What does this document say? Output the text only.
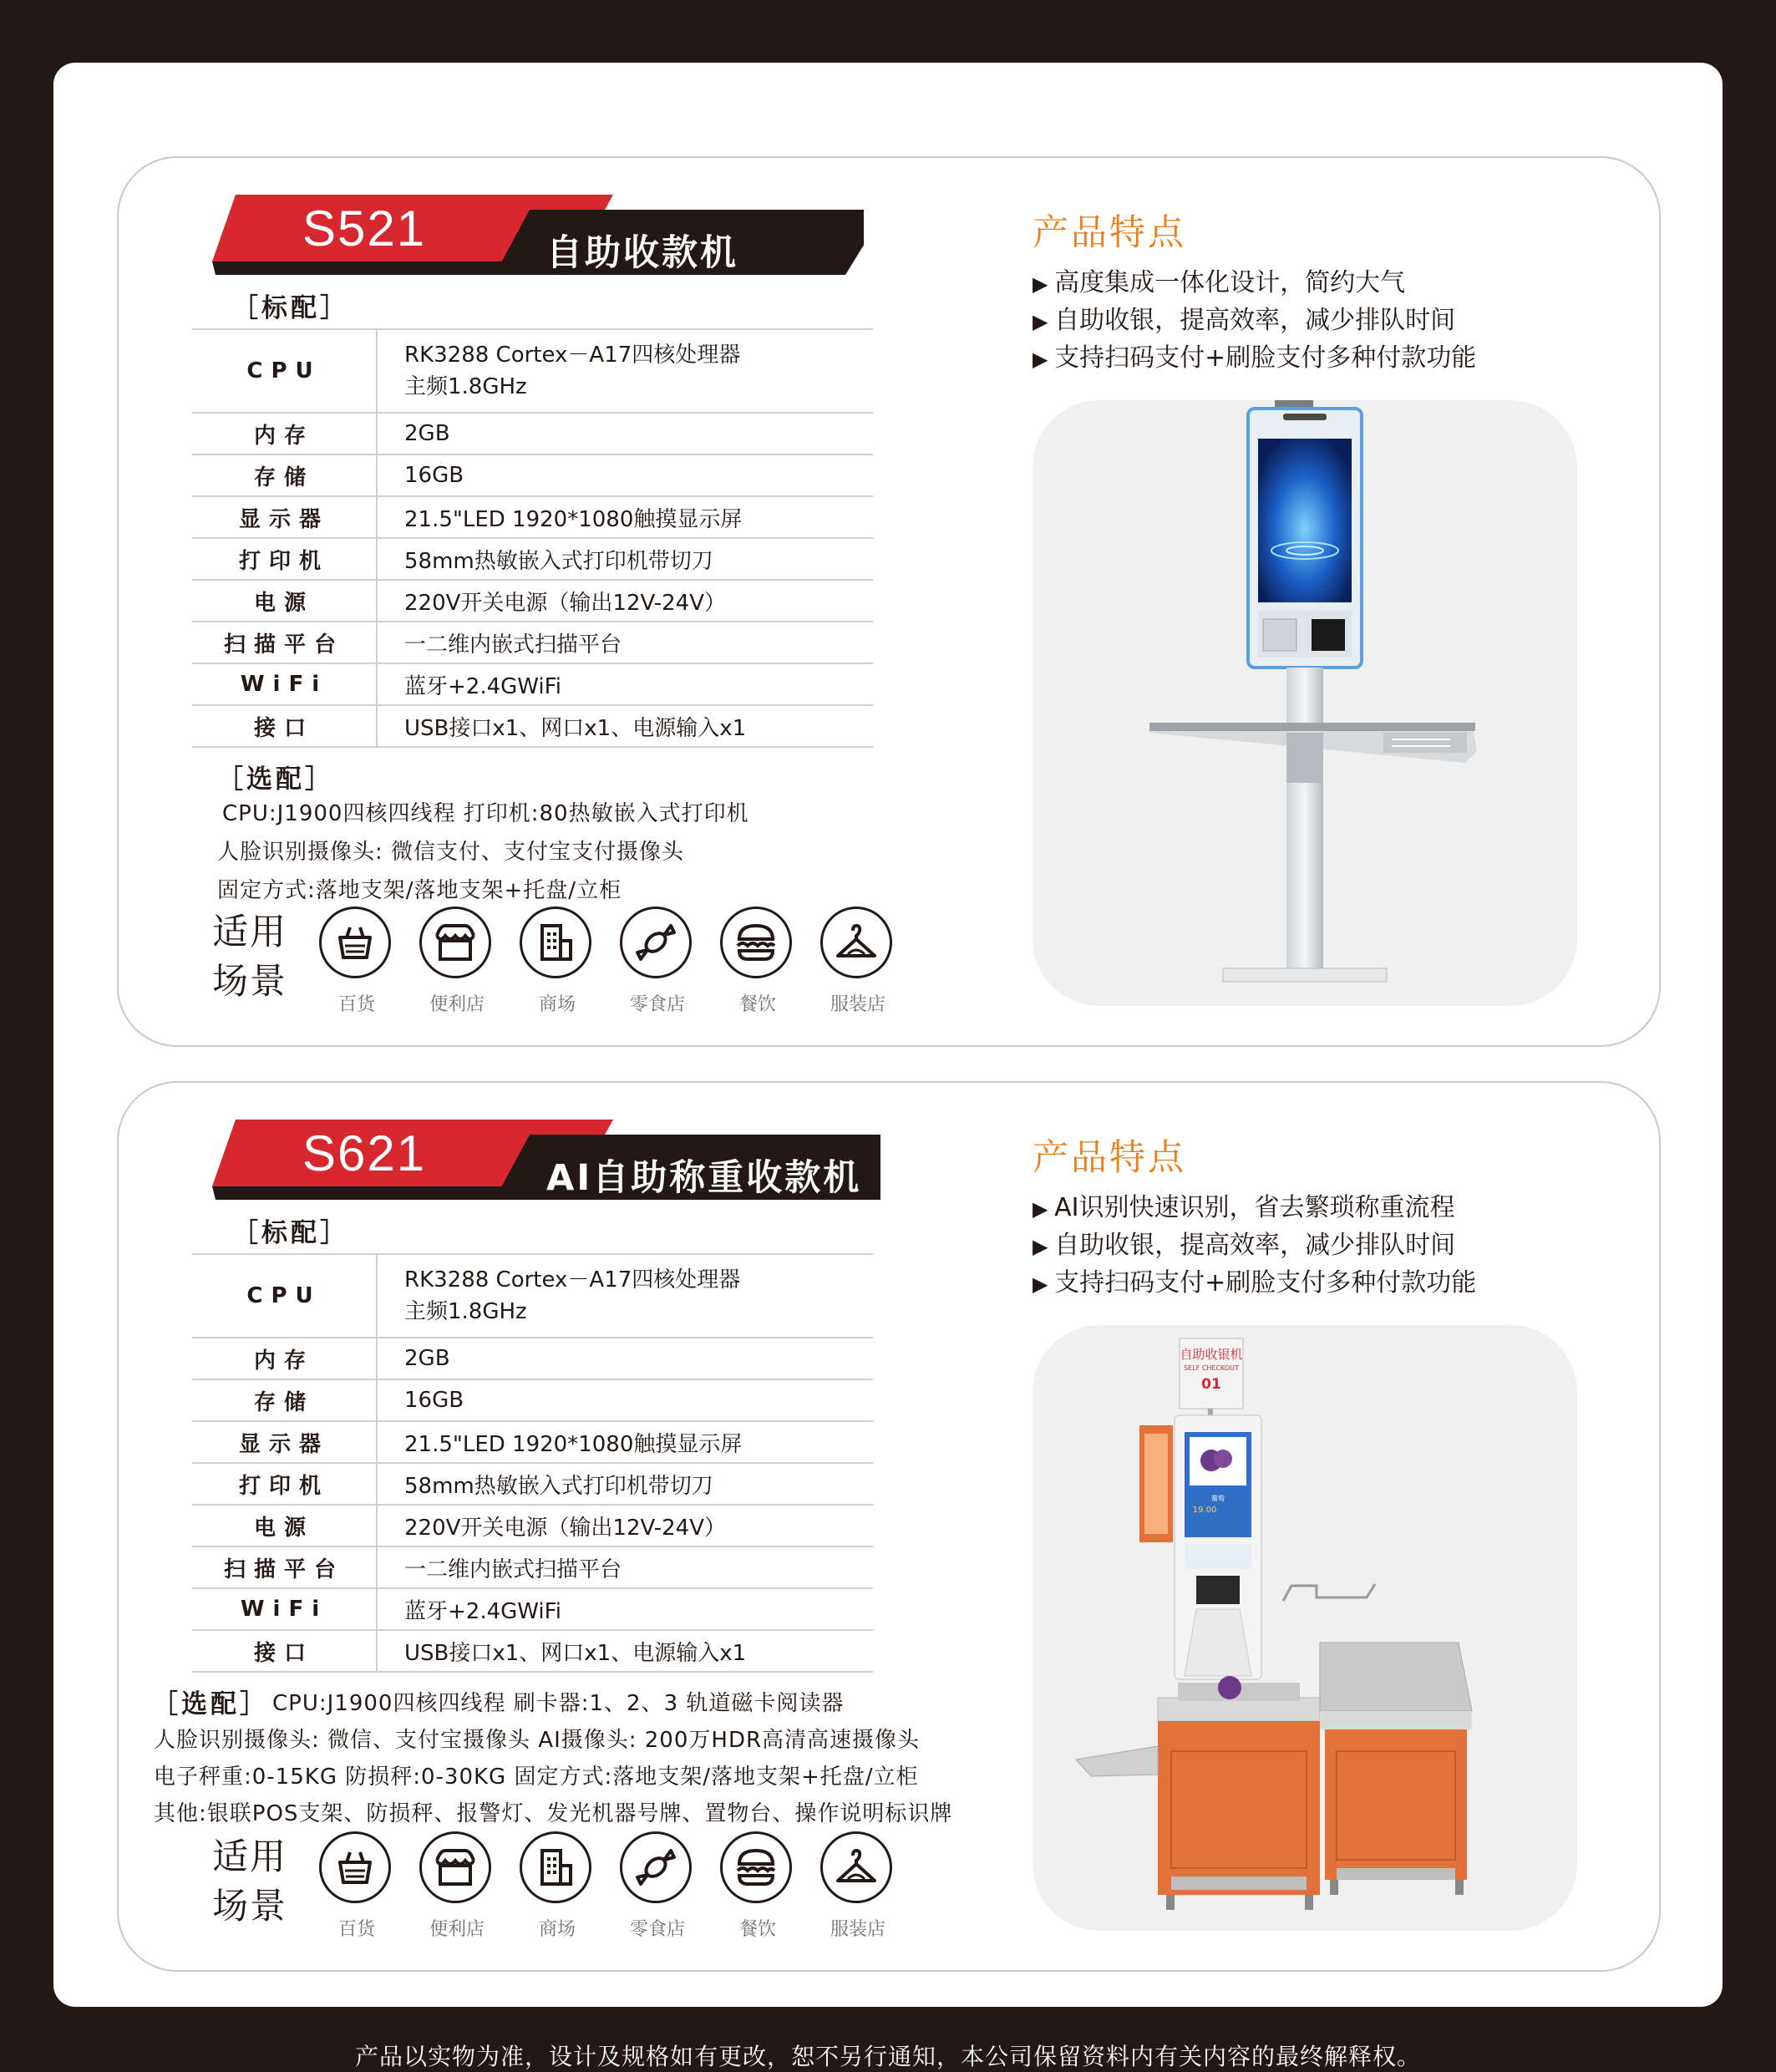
S521	自助收款机
［标配］
CPU	RK3288 Cortex－A17四核处理器
主频1.8GHz
内存	2GB
存储	16GB
显示器	21.5"LED 1920*1080触摸显示屏
打印机	58mm热敏嵌入式打印机带切刀
电源	220V开关电源（输出12V-24V）
扫描平台	一二维内嵌式扫描平台
WiFi	蓝牙+2.4GWiFi
接口	USB接口x1、网口x1、电源输入x1
［选配］
CPU:J1900四核四线程 打印机:80热敏嵌入式打印机
人脸识别摄像头: 微信支付、支付宝支付摄像头
固定方式:落地支架/落地支架+托盘/立柜
适用
场景
百货	便利店	商场	零食店	餐饮	服装店
产品特点
▶ 高度集成一体化设计，简约大气
▶ 自助收银，提高效率，减少排队时间
▶ 支持扫码支付+刷脸支付多种付款功能
S621	AI自助称重收款机
［标配］
CPU	RK3288 Cortex－A17四核处理器
主频1.8GHz
内存	2GB
存储	16GB
显示器	21.5"LED 1920*1080触摸显示屏
打印机	58mm热敏嵌入式打印机带切刀
电源	220V开关电源（输出12V-24V）
扫描平台	一二维内嵌式扫描平台
WiFi	蓝牙+2.4GWiFi
接口	USB接口x1、网口x1、电源输入x1
［选配］ CPU:J1900四核四线程 刷卡器:1、2、3 轨道磁卡阅读器
人脸识别摄像头: 微信、支付宝摄像头 AI摄像头: 200万HDR高清高速摄像头
电子秤重:0-15KG 防损秤:0-30KG 固定方式:落地支架/落地支架+托盘/立柜
其他:银联POS支架、防损秤、报警灯、发光机器号牌、置物台、操作说明标识牌
适用
场景
百货	便利店	商场	零食店	餐饮	服装店
产品特点
▶ AI识别快速识别，省去繁琐称重流程
▶ 自助收银，提高效率，减少排队时间
▶ 支持扫码支付+刷脸支付多种付款功能
自助收银机
SELF CHECKOUT
01
葡萄
19.00
产品以实物为准，设计及规格如有更改，恕不另行通知，本公司保留资料内有关内容的最终解释权。
